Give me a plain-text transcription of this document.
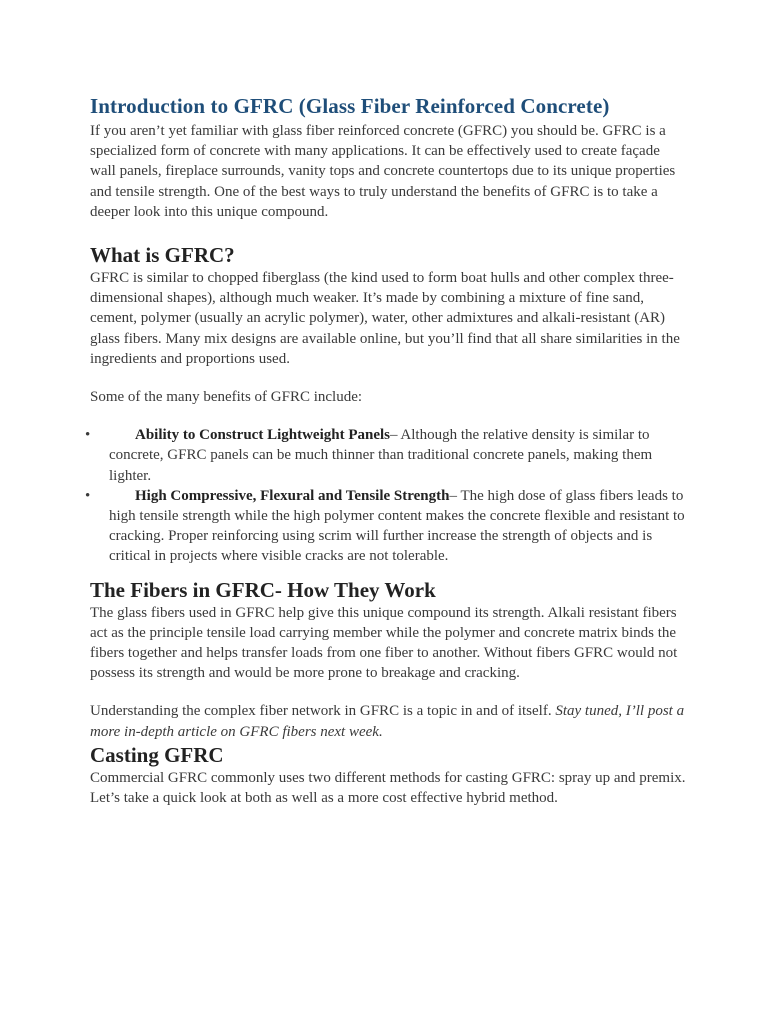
Introduction to GFRC (Glass Fiber Reinforced Concrete)

If you aren’t yet familiar with glass fiber reinforced concrete (GFRC) you should be. GFRC is a specialized form of concrete with many applications. It can be effectively used to create façade wall panels, fireplace surrounds, vanity tops and concrete countertops due to its unique properties and tensile strength. One of the best ways to truly understand the benefits of GFRC is to take a deeper look into this unique compound.

What is GFRC?

GFRC is similar to chopped fiberglass (the kind used to form boat hulls and other complex three-dimensional shapes), although much weaker. It’s made by combining a mixture of fine sand, cement, polymer (usually an acrylic polymer), water, other admixtures and alkali-resistant (AR) glass fibers. Many mix designs are available online, but you’ll find that all share similarities in the ingredients and proportions used.

Some of the many benefits of GFRC include:

•	Ability to Construct Lightweight Panels– Although the relative density is similar to concrete, GFRC panels can be much thinner than traditional concrete panels, making them lighter.
•	High Compressive, Flexural and Tensile Strength– The high dose of glass fibers leads to high tensile strength while the high polymer content makes the concrete flexible and resistant to cracking. Proper reinforcing using scrim will further increase the strength of objects and is critical in projects where visible cracks are not tolerable.
The Fibers in GFRC- How They Work

The glass fibers used in GFRC help give this unique compound its strength. Alkali resistant fibers act as the principle tensile load carrying member while the polymer and concrete matrix binds the fibers together and helps transfer loads from one fiber to another. Without fibers GFRC would not possess its strength and would be more prone to breakage and cracking.

Understanding the complex fiber network in GFRC is a topic in and of itself. Stay tuned, I’ll post a more in-depth article on GFRC fibers next week.

Casting GFRC

Commercial GFRC commonly uses two different methods for casting GFRC: spray up and premix. Let’s take a quick look at both as well as a more cost effective hybrid method.
